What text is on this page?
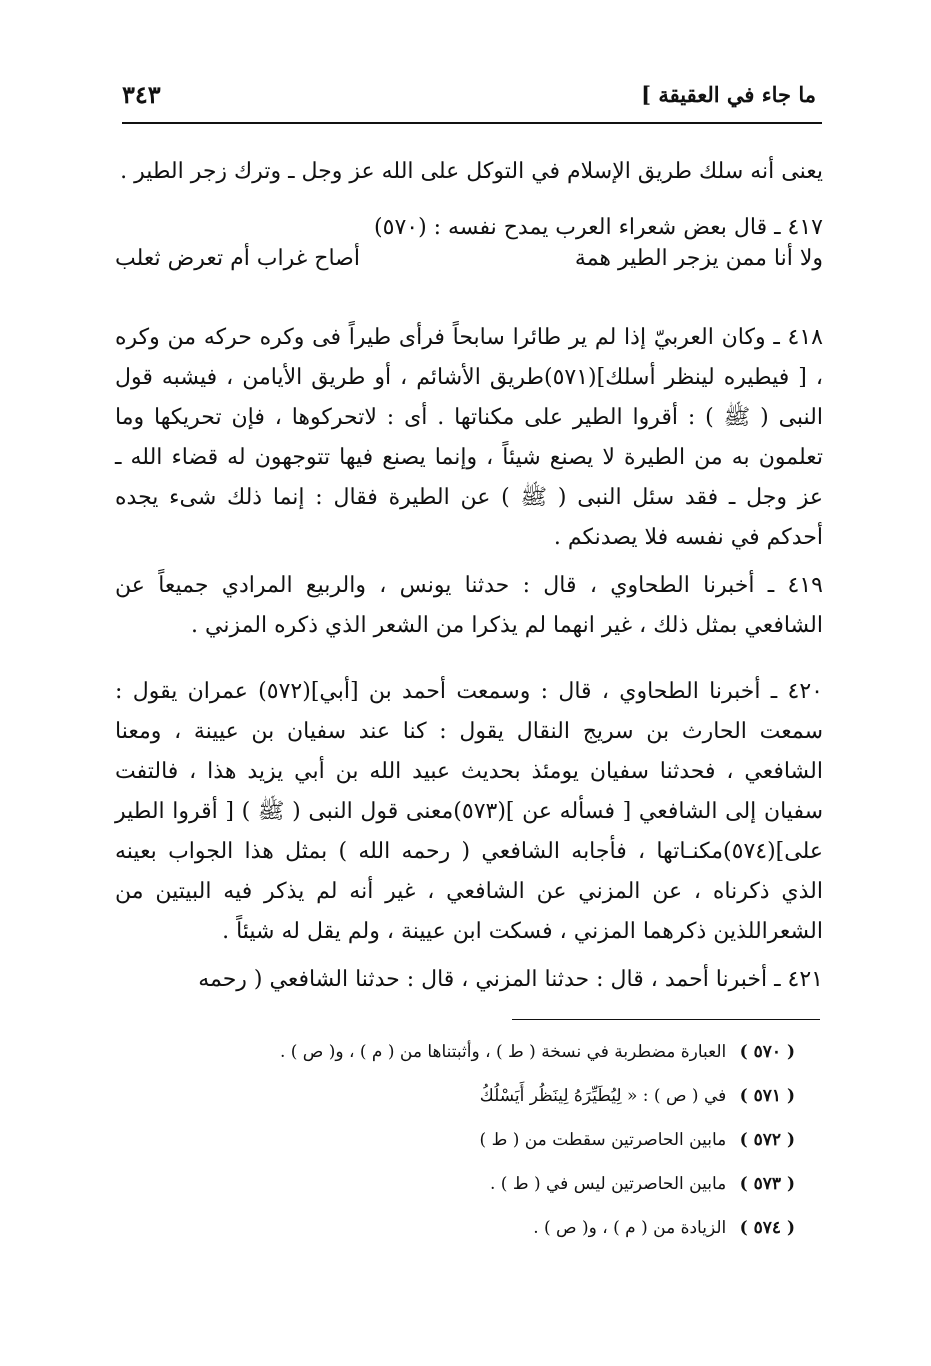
ما جاء في العقيقة ]
٣٤٣
يعنى أنه سلك طريق الإسلام في التوكل على الله عز وجل ـ وترك زجر الطير .
٤١٧ ـ قال بعض شعراء العرب يمدح نفسه : (٥٧٠)
ولا أنا ممن يزجر الطير همة
أصاح غراب أم تعرض ثعلب
٤١٨ ـ وكان العربيّ إذا لم ير طائرا سابحاً فرأى طيراً فى وكره حركه من وكره ، [ فيطيره لينظر أسلك](٥٧١)طريق الأشائم ، أو طريق الأيامن ، فيشبه قول النبى ( ﷺ ) : أقروا الطير على مكناتها . أى : لاتحركوها ، فإن تحريكها وما تعلمون به من الطيرة لا يصنع شيئاً ، وإنما يصنع فيها تتوجهون له قضاء الله ـ عز وجل ـ فقد سئل النبى ( ﷺ ) عن الطيرة فقال : إنما ذلك شىء يجده أحدكم في نفسه فلا يصدنكم .
٤١٩ ـ أخبرنا الطحاوي ، قال : حدثنا يونس ، والربيع المرادي جميعاً عن الشافعي بمثل ذلك ، غير انهما لم يذكرا من الشعر الذي ذكره المزني .
٤٢٠ ـ أخبرنا الطحاوي ، قال : وسمعت أحمد بن [أبي](٥٧٢) عمران يقول : سمعت الحارث بن سريج النقال يقول : كنا عند سفيان بن عيينة ، ومعنا الشافعي ، فحدثنا سفيان يومئذ بحديث عبيد الله بن أبي يزيد هذا ، فالتفت سفيان إلى الشافعي [ فسأله عن ](٥٧٣)معنى قول النبى ( ﷺ ) [ أقروا الطير على](٥٧٤)مكنـاتها ، فأجابه الشافعي ( رحمه الله ) بمثل هذا الجواب بعينه الذي ذكرناه ، عن المزني عن الشافعي ، غير أنه لم يذكر فيه البيتين من الشعراللذين ذكرهما المزني ، فسكت ابن عيينة ، ولم يقل له شيئاً .
٤٢١ ـ أخبرنا أحمد ، قال : حدثنا المزني ، قال : حدثنا الشافعي ( رحمه
( ٥٧٠ ) العبارة مضطربة في نسخة ( ط ) ، وأثبتناها من ( م ) ، و( ص ) .
( ٥٧١ ) في ( ص ) : « لِيُطَيِّرَهُ لِينَظُر أَيَسْلُكُ
( ٥٧٢ ) مابين الحاصرتين سقطت من ( ط )
( ٥٧٣ ) مابين الحاصرتين ليس في ( ط ) .
( ٥٧٤ ) الزيادة من ( م ) ، و( ص ) .
